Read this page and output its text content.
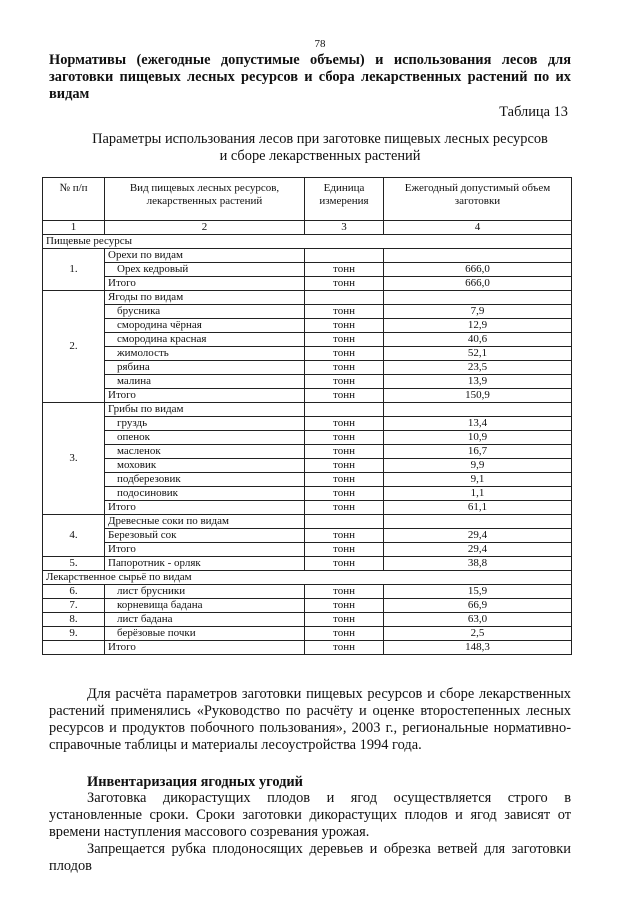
78
Нормативы (ежегодные допустимые объемы) и использования лесов для заготовки пищевых лесных ресурсов и сбора лекарственных растений по их видам
Таблица 13
Параметры использования лесов при заготовке пищевых лесных ресурсов
и сборе лекарственных растений
№ п/п	Вид пищевых лесных ресурсов, лекарственных растений	Единица измерения	Ежегодный допустимый объем заготовки
1	2	3	4
Пищевые ресурсы			
1.	Орехи по видам		
	Орех кедровый	тонн	666,0
	Итого	тонн	666,0
2.	Ягоды по видам		
	брусника	тонн	7,9
	смородина чёрная	тонн	12,9
	смородина красная	тонн	40,6
	жимолость	тонн	52,1
	рябина	тонн	23,5
	малина	тонн	13,9
	Итого	тонн	150,9
3.	Грибы по видам		
	груздь	тонн	13,4
	опенок	тонн	10,9
	масленок	тонн	16,7
	моховик	тонн	9,9
	подберезовик	тонн	9,1
	подосиновик	тонн	1,1
	Итого	тонн	61,1
4.	Древесные соки по видам		
	Березовый сок	тонн	29,4
	Итого	тонн	29,4
5.	Папоротник - орляк	тонн	38,8
Лекарственное сырьё по видам			
6.	лист брусники	тонн	15,9
7.	корневища бадана	тонн	66,9
8.	лист бадана	тонн	63,0
9.	берёзовые почки	тонн	2,5
	Итого	тонн	148,3
Для расчёта параметров заготовки пищевых ресурсов и сборе лекарственных растений применялись «Руководство по расчёту и оценке второстепенных лесных ресурсов и продуктов побочного пользования», 2003 г., региональные нормативно-справочные таблицы и материалы лесоустройства 1994 года.
Инвентаризация ягодных угодий
Заготовка дикорастущих плодов и ягод осуществляется строго в установленные сроки. Сроки заготовки дикорастущих плодов и ягод зависят от времени наступления массового созревания урожая.
Запрещается рубка плодоносящих деревьев и обрезка ветвей для заготовки плодов
